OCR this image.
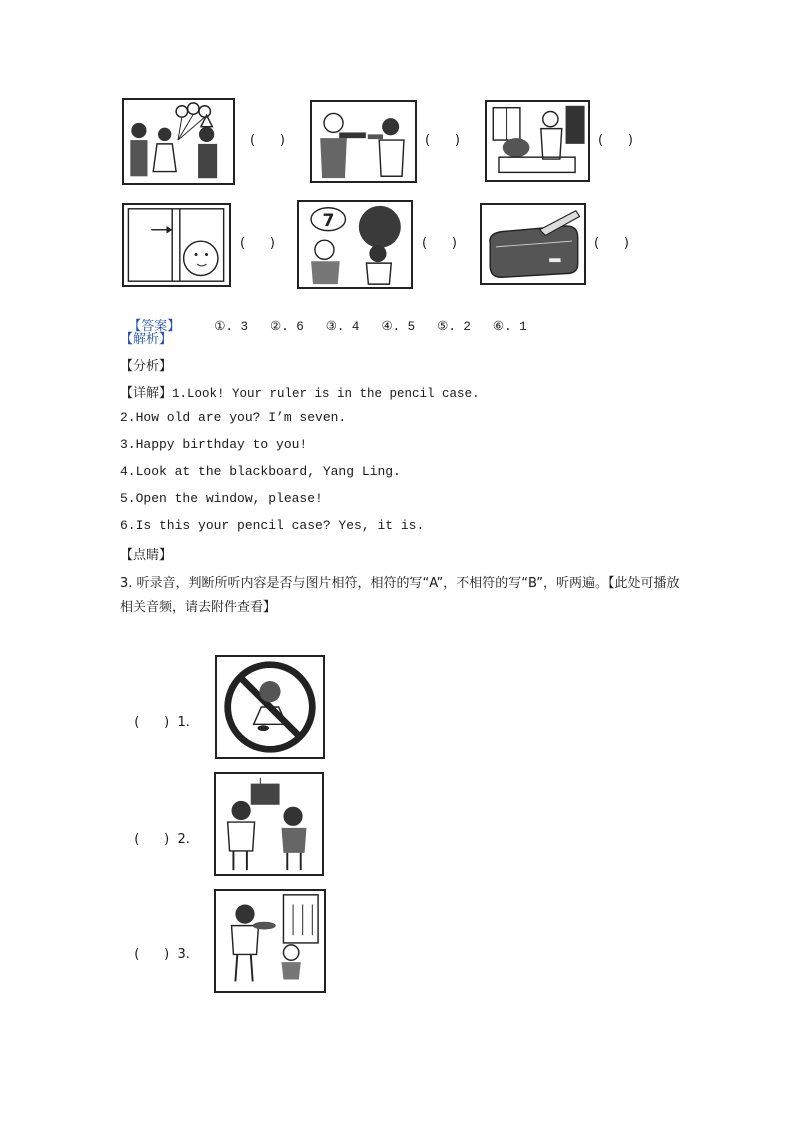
(      )	(      )	(      )
(      )
7
(      )	(      )

【答案】	①. 3 ②. 6 ③. 4 ④. 5 ⑤. 2 ⑥. 1

【解析】
【分析】
【详解】1.Look! Your ruler is in the pencil case.
2.How old are you? I’m seven.
3.Happy birthday to you!
4.Look at the blackboard, Yang Ling.
5.Open the window, please!
6.Is this your pencil case? Yes, it is.
【点睛】
3. 听录音，判断所听内容是否与图片相符，相符的写“A”，不相符的写“B”，听两遍。【此处可播放相关音频，请去附件查看】

(      ) 1.

(      ) 2.

(      ) 3.
